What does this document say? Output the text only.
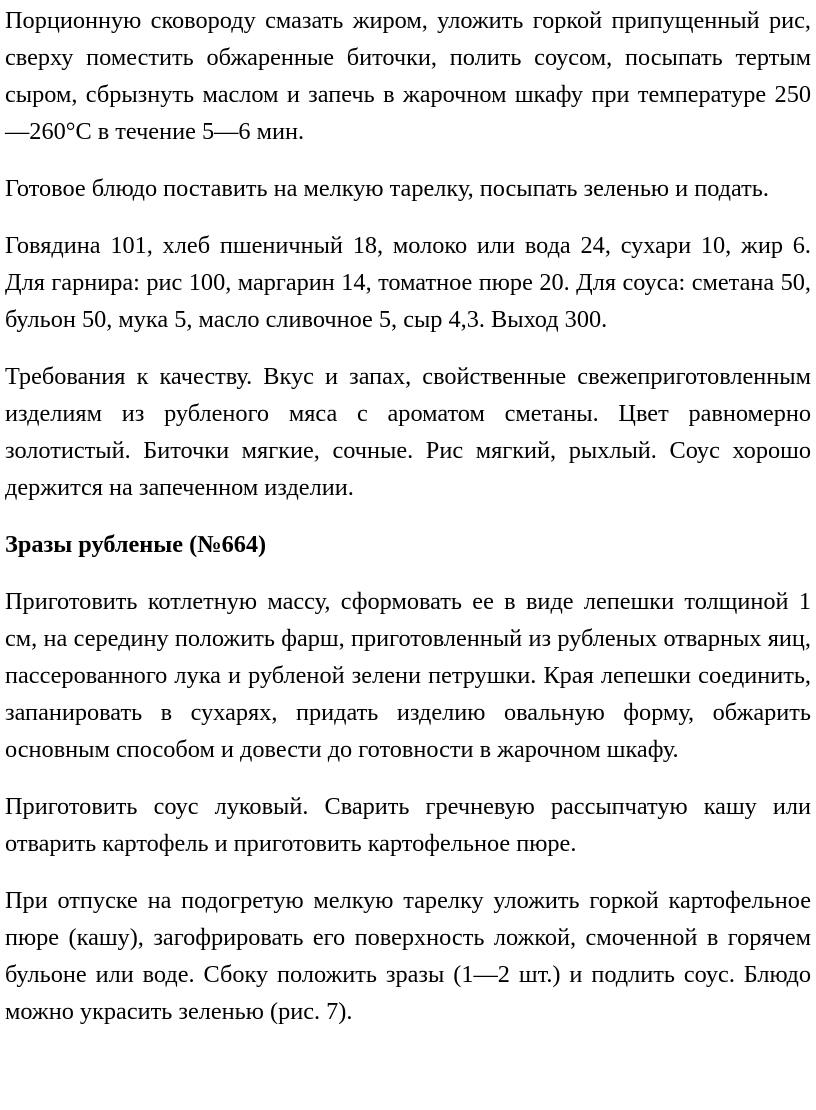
Порционную сковороду смазать жиром, уложить горкой припущенный рис, сверху поместить обжаренные биточки, полить соусом, посыпать тертым сыром, сбрызнуть маслом и запечь в жарочном шкафу при температуре 250—260°С в течение 5—6 мин.

Готовое блюдо поставить на мелкую тарелку, посыпать зеленью и подать.

Говядина 101, хлеб пшеничный 18, молоко или вода 24, сухари 10, жир 6. Для гарнира: рис 100, маргарин 14, томатное пюре 20. Для соуса: сметана 50, бульон 50, мука 5, масло сливочное 5, сыр 4,3. Выход 300.

Требования к качеству. Вкус и запах, свойственные свежеприготовленным изделиям из рубленого мяса с ароматом сметаны. Цвет равномерно золотистый. Биточки мягкие, сочные. Рис мягкий, рыхлый. Соус хорошо держится на запеченном изделии.

Зразы рубленые (№664)

Приготовить котлетную массу, сформовать ее в виде лепешки толщиной 1 см, на середину положить фарш, приготовленный из рубленых отварных яиц, пассерованного лука и рубленой зелени петрушки. Края лепешки соединить, запанировать в сухарях, придать изделию овальную форму, обжарить основным способом и довести до готовности в жарочном шкафу.

Приготовить соус луковый. Сварить гречневую рассыпчатую кашу или отварить картофель и приготовить картофельное пюре.

При отпуске на подогретую мелкую тарелку уложить горкой картофельное пюре (кашу), загофрировать его поверхность ложкой, смоченной в горячем бульоне или воде. Сбоку положить зразы (1—2 шт.) и подлить соус. Блюдо можно украсить зеленью (рис. 7).
